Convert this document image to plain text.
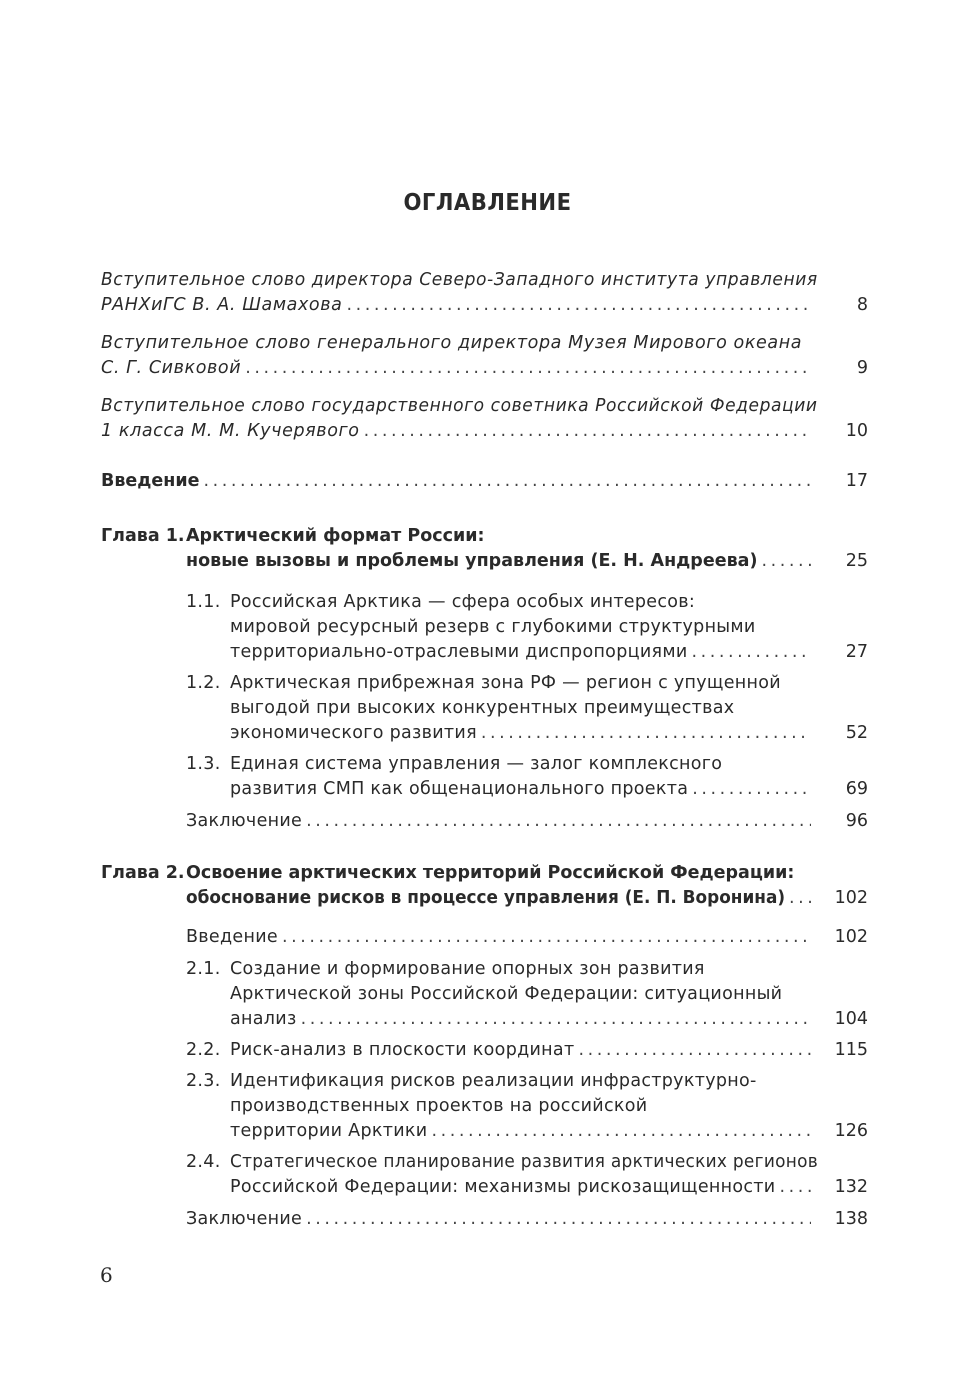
ОГЛАВЛЕНИЕ
Вступительное слово директора Северо-Западного института управления
РАНХиГС В. А. Шамахова . . .	8
Вступительное слово генерального директора Музея Мирового океана
С. Г. Сивковой . . .	9
Вступительное слово государственного советника Российской Федерации
1 класса М. М. Кучерявого . . .	10
Введение . . .	17
Глава 1. Арктический формат России:
новые вызовы и проблемы управления (Е. Н. Андреева) . . .	25
1.1. Российская Арктика — сфера особых интересов:
мировой ресурсный резерв с глубокими структурными
территориально-отраслевыми диспропорциями . . .	27
1.2. Арктическая прибрежная зона РФ — регион с упущенной
выгодой при высоких конкурентных преимуществах
экономического развития . . .	52
1.3. Единая система управления — залог комплексного
развития СМП как общенационального проекта . . .	69
Заключение . . .	96
Глава 2. Освоение арктических территорий Российской Федерации:
обоснование рисков в процессе управления (Е. П. Воронина) . . .	102
Введение . . .	102
2.1. Создание и формирование опорных зон развития
Арктической зоны Российской Федерации: ситуационный
анализ . . .	104
2.2. Риск-анализ в плоскости координат . . .	115
2.3. Идентификация рисков реализации инфраструктурно-
производственных проектов на российской
территории Арктики . . .	126
2.4. Стратегическое планирование развития арктических регионов
Российской Федерации: механизмы рискозащищенности . . .	132
Заключение . . .	138
6
